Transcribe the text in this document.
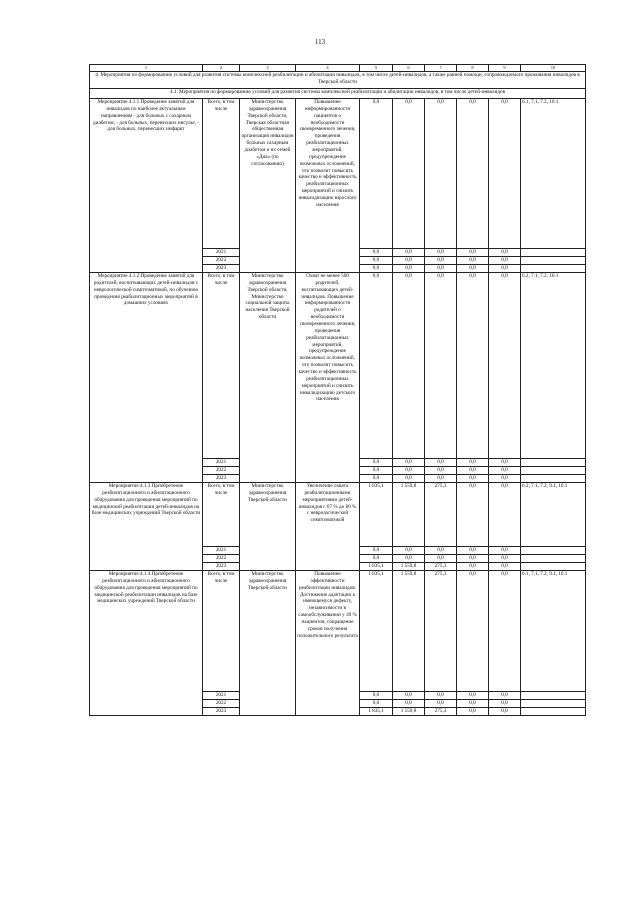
113
1	2	3	4	5	6	7	8	9	10
4. Мероприятия по формированию условий для развития системы комплексной реабилитации и абилитации инвалидов, в том числе детей-инвалидов, а также ранней помощи, сопровождаемого проживания инвалидов в Тверской области									
4.1. Мероприятия по формированию условий для развития системы комплексной реабилитации и абилитации инвалидов, в том числе детей-инвалидов									
Мероприятие 4.1.1 Проведение занятий для инвалидов по наиболее актуальным направлениям - для больных с сахарным диабетом, - для больных, перенесших инсульт, - для больных, перенесших инфаркт	Всего, в том числе	Министерство здравоохранения Тверской области, Тверская областная общественная организация инвалидов больных сахарным диабетом и их семей «Диа» (по согласованию)	Повышение информированности пациентов о необходимости своевременного лечения, проведения реабилитационных мероприятий, предупреждение возможных осложнений, что позволит повысить качество и эффективность реабилитационных мероприятий и снизить инвалидизацию взрослого населения	0,0	0,0	0,0	0,0	0,0	6.1, 7.1, 7.2, 10.1
	2021			0,0	0,0	0,0	0,0	0,0	
	2022			0,0	0,0	0,0	0,0	0,0	
	2023			0,0	0,0	0,0	0,0	0,0	
Мероприятие 4.1.2 Проведение занятий для родителей, воспитывающих детей-инвалидов с неврологической симптоматикой, по обучению проведения реабилитационных мероприятий в домашних условиях	Всего, в том числе	Министерство здравоохранения Тверской области, Министерство социальной защиты населения Тверской области	Охват не менее 500 родителей, воспитывающих детей-инвалидов. Повышение информированности родителей о необходимости своевременного лечения, проведения реабилитационных мероприятий, предупреждение возможных осложнений, что позволит повысить качество и эффективность реабилитационных мероприятий и снизить инвалидизацию детского населения	0,0	0,0	0,0	0,0	0,0	6.2, 7.1, 7.2, 10.1
	2021			0,0	0,0	0,0	0,0	0,0	
	2022			0,0	0,0	0,0	0,0	0,0	
	2023			0,0	0,0	0,0	0,0	0,0	
Мероприятие 4.1.3 Приобретение реабилитационного и абилитационного оборудования для проведения мероприятий по медицинской реабилитации детей-инвалидов на базе медицинских учреждений Тверской области	Всего, в том числе	Министерство здравоохранения Тверской области	Увеличение охвата реабилитационными мероприятиями детей-инвалидов с 67 % до 80 % с неврологической симптоматикой	1 835,1	1 559,8	275,3	0,0	0,0	6.2, 7.1, 7.2, 9.1, 10.1
	2021			0,0	0,0	0,0	0,0	0,0	
	2022			0,0	0,0	0,0	0,0	0,0	
	2023			1 835,1	1 559,8	275,3	0,0	0,0	
Мероприятие 4.1.4 Приобретение реабилитационного и абилитационного оборудования для проведения мероприятий по медицинской реабилитации инвалидов на базе медицинских учреждений Тверской области	Всего, в том числе	Министерство здравоохранения Тверской области	Повышение эффективности реабилитации инвалидов. Достижение адаптации к имеющемуся дефекту, независимости в самообслуживании у 30 % пациентов, сокращение сроков получения положительного результата	1 835,1	1 559,8	275,3	0,0	0,0	6.1, 7.1, 7.2, 9.1, 10.1
	2021			0,0	0,0	0,0	0,0	0,0	
	2022			0,0	0,0	0,0	0,0	0,0	
	2023			1 835,1	1 559,8	275,3	0,0	0,0	
